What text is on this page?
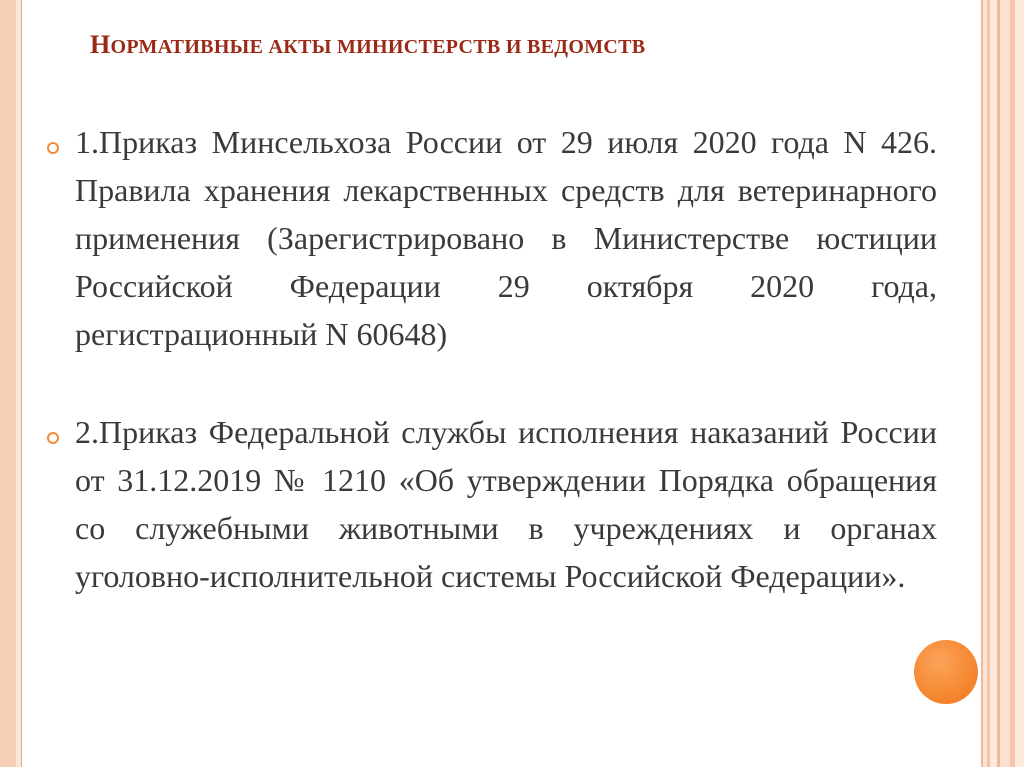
НОРМАТИВНЫЕ АКТЫ МИНИСТЕРСТВ И ВЕДОМСТВ

1.Приказ Минсельхоза России от 29 июля 2020 года N 426. Правила хранения лекарственных средств для ветеринарного применения (Зарегистрировано в Министерстве юстиции Российской Федерации 29 октября 2020 года, регистрационный N 60648)

2.Приказ Федеральной службы исполнения наказаний России от 31.12.2019 № 1210 «Об утверждении Порядка обращения со служебными животными в учреждениях и органах уголовно-исполнительной системы Российской Федерации».
